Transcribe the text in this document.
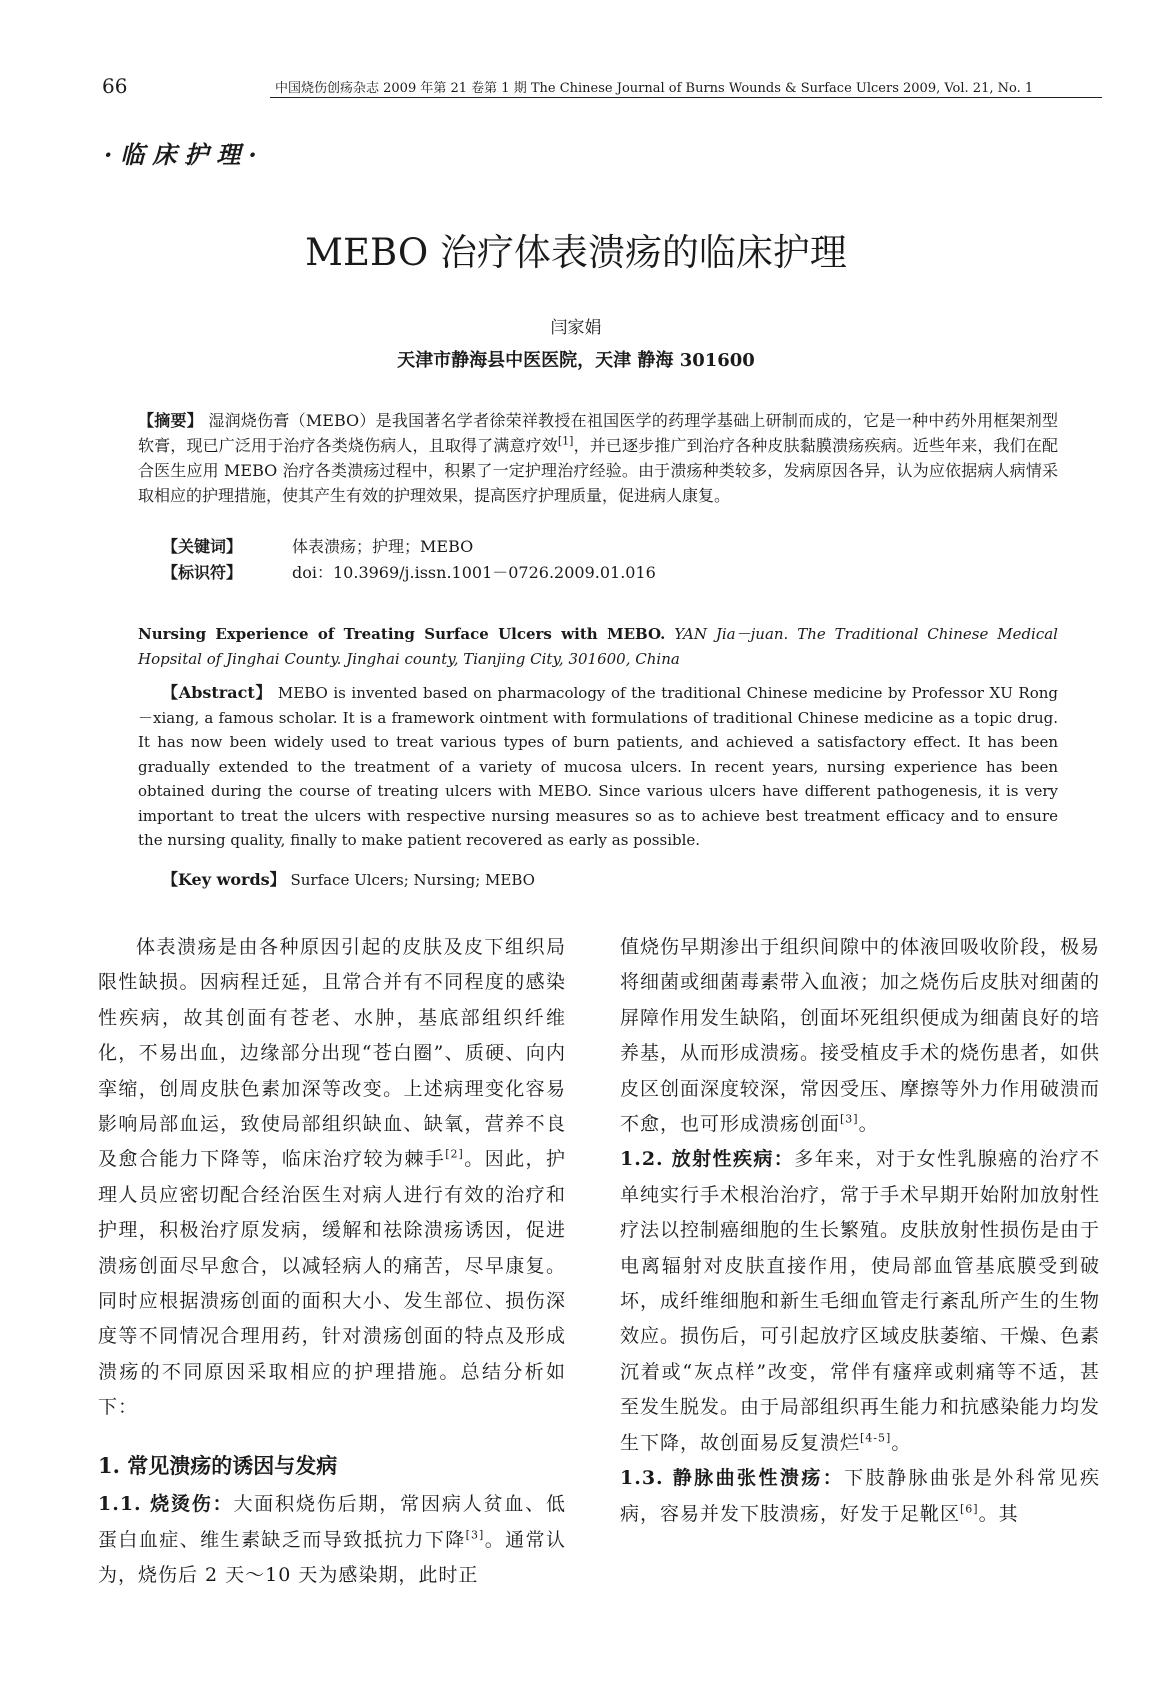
66	中国烧伤创疡杂志 2009 年第 21 卷第 1 期 The Chinese Journal of Burns Wounds & Surface Ulcers 2009, Vol. 21, No. 1
·临床护理·
MEBO 治疗体表溃疡的临床护理
闫家娟
天津市静海县中医医院，天津 静海 301600
【摘要】 湿润烧伤膏（MEBO）是我国著名学者徐荣祥教授在祖国医学的药理学基础上研制而成的，它是一种中药外用框架剂型软膏，现已广泛用于治疗各类烧伤病人，且取得了满意疗效[1]，并已逐步推广到治疗各种皮肤黏膜溃疡疾病。近些年来，我们在配合医生应用 MEBO 治疗各类溃疡过程中，积累了一定护理治疗经验。由于溃疡种类较多，发病原因各异，认为应依据病人病情采取相应的护理措施，使其产生有效的护理效果，提高医疗护理质量，促进病人康复。
【关键词】	体表溃疡；护理；MEBO
【标识符】	doi：10.3969/j.issn.1001－0726.2009.01.016
Nursing Experience of Treating Surface Ulcers with MEBO. YAN Jia－juan. The Traditional Chinese Medical Hopsital of Jinghai County. Jinghai county, Tianjing City, 301600, China
【Abstract】 MEBO is invented based on pharmacology of the traditional Chinese medicine by Professor XU Rong－xiang, a famous scholar. It is a framework ointment with formulations of traditional Chinese medicine as a topic drug. It has now been widely used to treat various types of burn patients, and achieved a satisfactory effect. It has been gradually extended to the treatment of a variety of mucosa ulcers. In recent years, nursing experience has been obtained during the course of treating ulcers with MEBO. Since various ulcers have different pathogenesis, it is very important to treat the ulcers with respective nursing measures so as to achieve best treatment efficacy and to ensure the nursing quality, finally to make patient recovered as early as possible.
【Key words】 Surface Ulcers; Nursing; MEBO

体表溃疡是由各种原因引起的皮肤及皮下组织局限性缺损。因病程迁延，且常合并有不同程度的感染性疾病，故其创面有苍老、水肿，基底部组织纤维化，不易出血，边缘部分出现“苍白圈”、质硬、向内挛缩，创周皮肤色素加深等改变。上述病理变化容易影响局部血运，致使局部组织缺血、缺氧，营养不良及愈合能力下降等，临床治疗较为棘手[2]。因此，护理人员应密切配合经治医生对病人进行有效的治疗和护理，积极治疗原发病，缓解和祛除溃疡诱因，促进溃疡创面尽早愈合，以减轻病人的痛苦，尽早康复。同时应根据溃疡创面的面积大小、发生部位、损伤深度等不同情况合理用药，针对溃疡创面的特点及形成溃疡的不同原因采取相应的护理措施。总结分析如下：

1. 常见溃疡的诱因与发病

1.1. 烧烫伤：大面积烧伤后期，常因病人贫血、低蛋白血症、维生素缺乏而导致抵抗力下降[3]。通常认为，烧伤后 2 天～10 天为感染期，此时正

值烧伤早期渗出于组织间隙中的体液回吸收阶段，极易将细菌或细菌毒素带入血液；加之烧伤后皮肤对细菌的屏障作用发生缺陷，创面坏死组织便成为细菌良好的培养基，从而形成溃疡。接受植皮手术的烧伤患者，如供皮区创面深度较深，常因受压、摩擦等外力作用破溃而不愈，也可形成溃疡创面[3]。

1.2. 放射性疾病：多年来，对于女性乳腺癌的治疗不单纯实行手术根治治疗，常于手术早期开始附加放射性疗法以控制癌细胞的生长繁殖。皮肤放射性损伤是由于电离辐射对皮肤直接作用，使局部血管基底膜受到破坏，成纤维细胞和新生毛细血管走行紊乱所产生的生物效应。损伤后，可引起放疗区域皮肤萎缩、干燥、色素沉着或“灰点样”改变，常伴有瘙痒或刺痛等不适，甚至发生脱发。由于局部组织再生能力和抗感染能力均发生下降，故创面易反复溃烂[4-5]。

1.3. 静脉曲张性溃疡：下肢静脉曲张是外科常见疾病，容易并发下肢溃疡，好发于足靴区[6]。其
